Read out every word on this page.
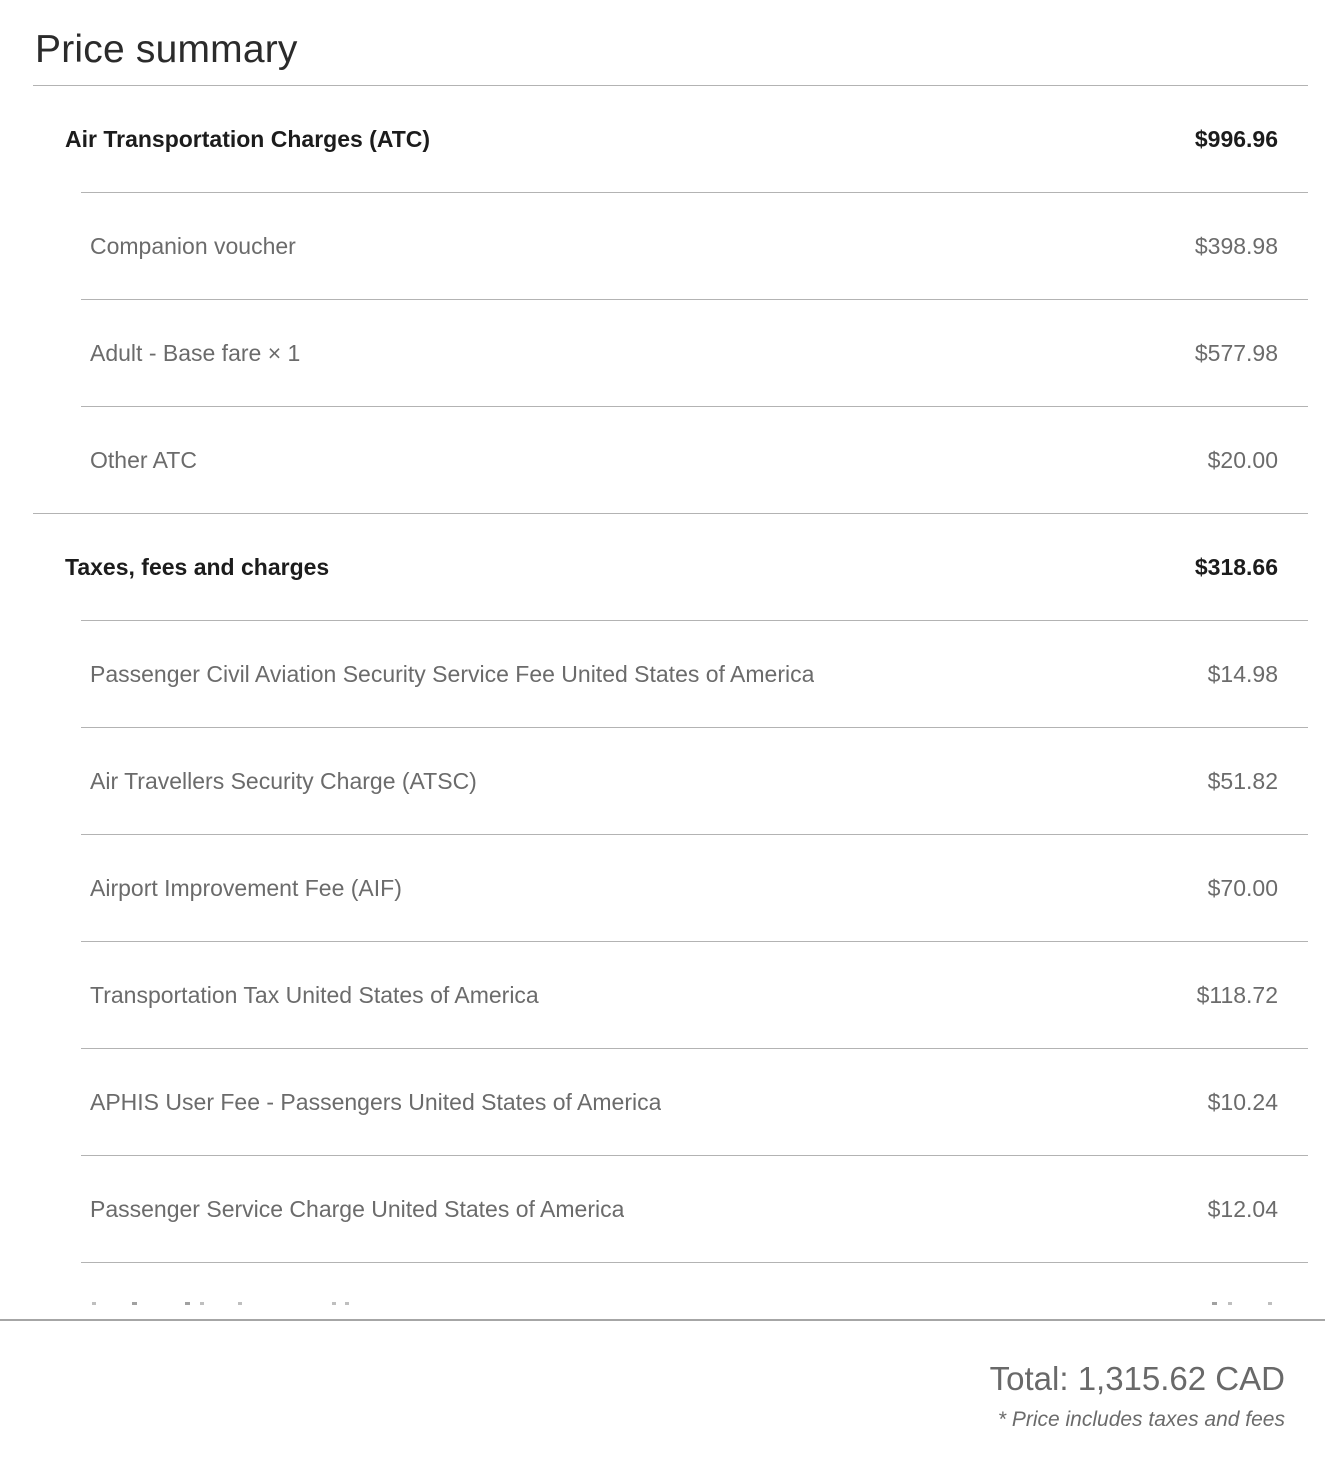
Price summary
Air Transportation Charges (ATC)	$996.96
Companion voucher	$398.98
Adult - Base fare × 1	$577.98
Other ATC	$20.00
Taxes, fees and charges	$318.66
Passenger Civil Aviation Security Service Fee United States of America	$14.98
Air Travellers Security Charge (ATSC)	$51.82
Airport Improvement Fee (AIF)	$70.00
Transportation Tax United States of America	$118.72
APHIS User Fee - Passengers United States of America	$10.24
Passenger Service Charge United States of America	$12.04
Total: 1,315.62 CAD
* Price includes taxes and fees
